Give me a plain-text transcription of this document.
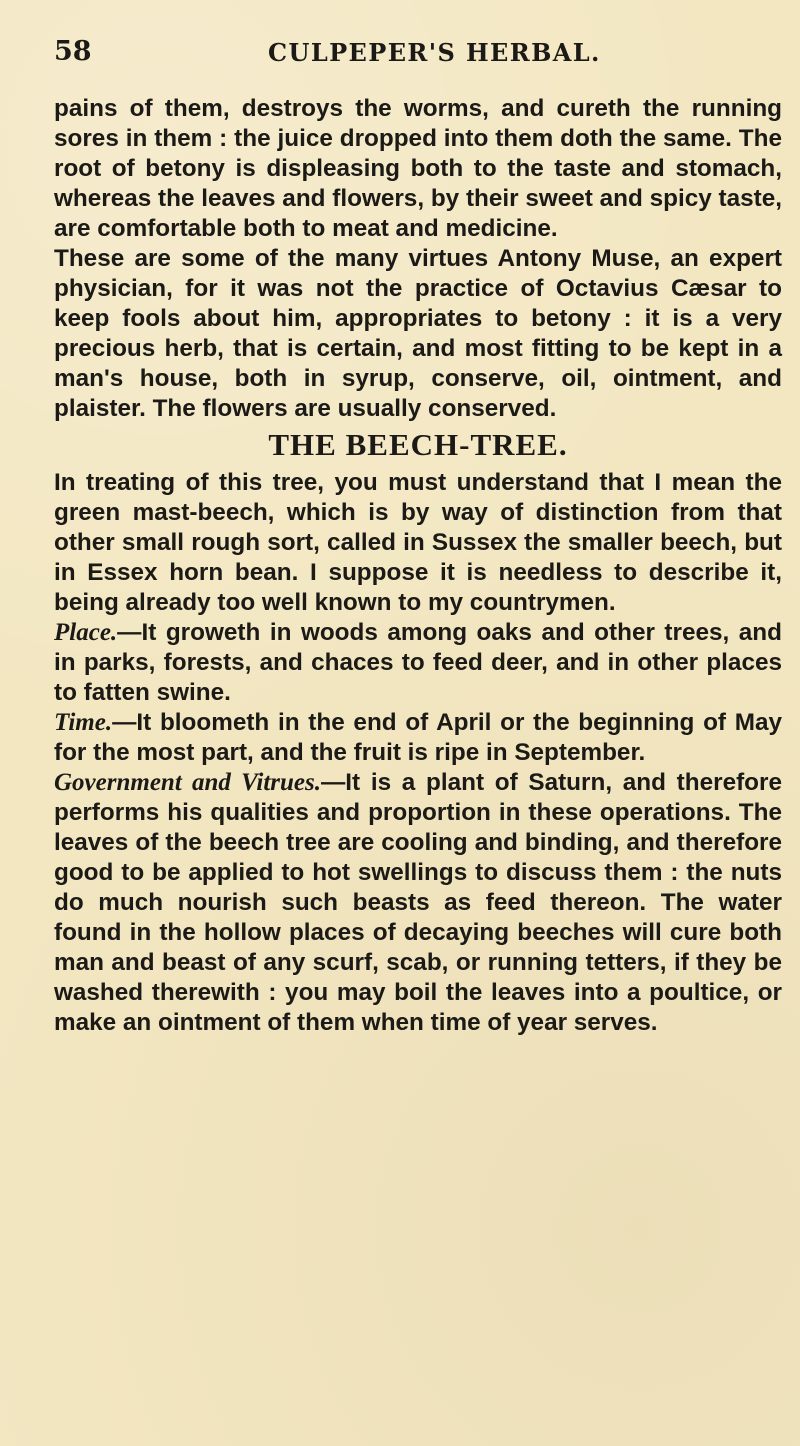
58	CULPEPER'S HERBAL.

pains of them, destroys the worms, and cureth the running sores in them : the juice dropped into them doth the same. The root of betony is displeasing both to the taste and stomach, whereas the leaves and flowers, by their sweet and spicy taste, are comfortable both to meat and medicine.

These are some of the many virtues Antony Muse, an expert physician, for it was not the practice of Octavius Cæsar to keep fools about him, appropriates to betony : it is a very precious herb, that is certain, and most fitting to be kept in a man's house, both in syrup, conserve, oil, ointment, and plaister. The flowers are usually conserved.

THE BEECH-TREE.

In treating of this tree, you must understand that I mean the green mast-beech, which is by way of distinction from that other small rough sort, called in Sussex the smaller beech, but in Essex horn bean. I suppose it is needless to describe it, being already too well known to my countrymen.

Place.—It groweth in woods among oaks and other trees, and in parks, forests, and chaces to feed deer, and in other places to fatten swine.

Time.—It bloometh in the end of April or the beginning of May for the most part, and the fruit is ripe in September.

Government and Vitrues.—It is a plant of Saturn, and therefore performs his qualities and proportion in these operations. The leaves of the beech tree are cooling and binding, and therefore good to be applied to hot swellings to discuss them : the nuts do much nourish such beasts as feed thereon. The water found in the hollow places of decaying beeches will cure both man and beast of any scurf, scab, or running tetters, if they be washed therewith : you may boil the leaves into a poultice, or make an ointment of them when time of year serves.
